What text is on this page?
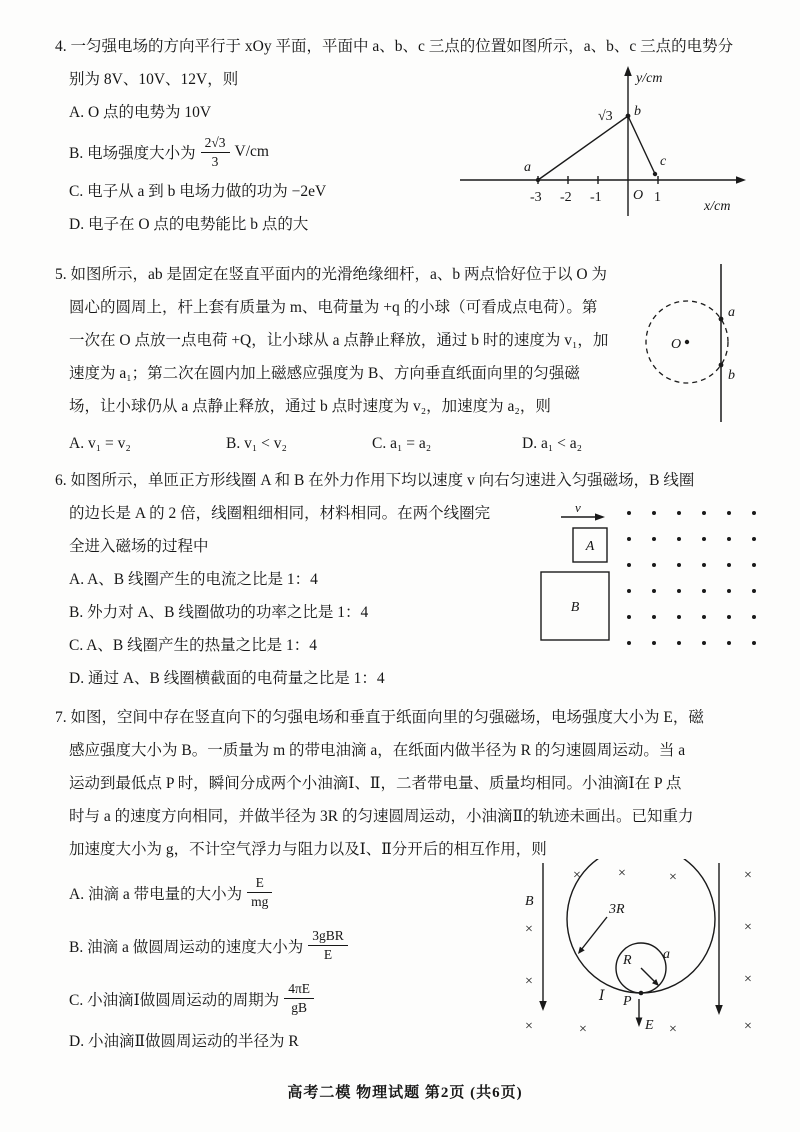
4. 一匀强电场的方向平行于 xOy 平面，平面中 a、b、c 三点的位置如图所示，a、b、c 三点的电势分
别为 8V、10V、12V，则
A. O 点的电势为 10V
B. 电场强度大小为 $\frac{2√3}{3} V/cm$
C. 电子从 a 到 b 电场力做的功为 −2eV
D. 电子在 O 点的电势能比 b 点的大
y/cm
x/cm
√3 b
a	c
O
-3 -2 -1	1
5. 如图所示，ab 是固定在竖直平面内的光滑绝缘细杆，a、b 两点恰好位于以 O 为
圆心的圆周上，杆上套有质量为 m、电荷量为 +q 的小球（可看成点电荷）。第
一次在 O 点放一点电荷 +Q，让小球从 a 点静止释放，通过 b 时的速度为 v₁，加
速度为 a₁；第二次在圆内加上磁感应强度为 B、方向垂直纸面向里的匀强磁
场，让小球仍从 a 点静止释放，通过 b 点时速度为 v₂，加速度为 a₂，则
A. v₁ = v₂	B. v₁ < v₂	C. a₁ = a₂	D. a₁ < a₂
O
a
b
6. 如图所示，单匝正方形线圈 A 和 B 在外力作用下均以速度 v 向右匀速进入匀强磁场，B 线圈
的边长是 A 的 2 倍，线圈粗细相同，材料相同。在两个线圈完
全进入磁场的过程中
A. A、B 线圈产生的电流之比是 1：4
B. 外力对 A、B 线圈做功的功率之比是 1：4
C. A、B 线圈产生的热量之比是 1：4
D. 通过 A、B 线圈横截面的电荷量之比是 1：4
v
A
B
7. 如图，空间中存在竖直向下的匀强电场和垂直于纸面向里的匀强磁场，电场强度大小为 E，磁
感应强度大小为 B。一质量为 m 的带电油滴 a，在纸面内做半径为 R 的匀速圆周运动。当 a
运动到最低点 P 时，瞬间分成两个小油滴Ⅰ、Ⅱ，二者带电量、质量均相同。小油滴Ⅰ在 P 点
时与 a 的速度方向相同，并做半径为 3R 的匀速圆周运动，小油滴Ⅱ的轨迹未画出。已知重力
加速度大小为 g，不计空气浮力与阻力以及Ⅰ、Ⅱ分开后的相互作用，则
A. 油滴 a 带电量的大小为 $\frac{E}{mg}$
B. 油滴 a 做圆周运动的速度大小为 $\frac{\text{3gBR}}{E}$
C. 小油滴Ⅰ做圆周运动的周期为 $\frac{4\pi E}{gB}$
D. 小油滴Ⅱ做圆周运动的半径为 R
B
3R
R a
P
E
Ⅰ
×	×	×	×
×
×
×
×
×
×
×	×
高考二模 物理试题 第2页 (共6页)
